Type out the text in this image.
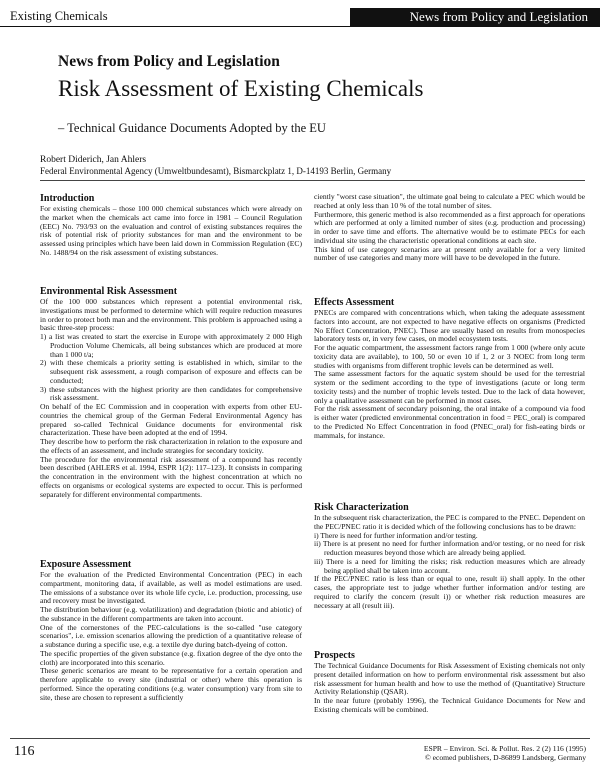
Existing Chemicals	News from Policy and Legislation
News from Policy and Legislation
Risk Assessment of Existing Chemicals
– Technical Guidance Documents Adopted by the EU
Robert Diderich, Jan Ahlers
Federal Environmental Agency (Umweltbundesamt), Bismarckplatz 1, D-14193 Berlin, Germany
Introduction

For existing chemicals – those 100 000 chemical substances which were already on the market when the chemicals act came into force in 1981 – Council Regulation (EEC) No. 793/93 on the evaluation and control of existing substances requires the risk of potential risk of priority substances for man and the environment to be assessed using principles which have been laid down in Commission Regulation (EC) No. 1488/94 on the risk assessment of existing substances.

Environmental Risk Assessment

Of the 100 000 substances which represent a potential environmental risk, investigations must be performed to determine which will require reduction measures in order to protect both man and the environment. This problem is approached using a basic three-step process:

1) a list was created to start the exercise in Europe with approximately 2 000 High Production Volume Chemicals, all being substances which are produced at more than 1 000 t/a;
2) with these chemicals a priority setting is established in which, similar to the subsequent risk assessment, a rough comparison of exposure and effects can be conducted;
3) these substances with the highest priority are then candidates for comprehensive risk assessment.

On behalf of the EC Commission and in cooperation with experts from other EU-countries the chemical group of the German Federal Environmental Agency has prepared so-called Technical Guidance documents for environmental risk characterization. These have been adopted at the end of 1994.

They describe how to perform the risk characterization in relation to the exposure and the effects of an assessment, and include strategies for secondary toxicity.

The procedure for the environmental risk assessment of a compound has recently been described (AHLERS et al. 1994, ESPR 1(2): 117–123). It consists in comparing the concentration in the environment with the highest concentration at which no effects on organisms or ecological systems are expected to occur. This is performed separately for different environmental compartments.

Exposure Assessment

For the evaluation of the Predicted Environmental Concentration (PEC) in each compartment, monitoring data, if available, as well as model estimations are used. The emissions of a substance over its whole life cycle, i.e. production, processing, use and recovery must be investigated.

The distribution behaviour (e.g. volatilization) and degradation (biotic and abiotic) of the substance in the different compartments are taken into account.

One of the cornerstones of the PEC-calculations is the so-called "use category scenarios", i.e. emission scenarios allowing the prediction of a quantitative release of a substance during a specific use, e.g. a textile dye during batch-dyeing of cotton.

The specific properties of the given substance (e.g. fixation degree of the dye onto the cloth) are incorporated into this scenario.

These generic scenarios are meant to be representative for a certain operation and therefore applicable to every site (industrial or other) where this operation is performed. Since the operating conditions (e.g. water consumption) vary from site to site, these are chosen to represent a sufficiently

ciently "worst case situation", the ultimate goal being to calculate a PEC which would be reached at only less than 10 % of the total number of sites.

Furthermore, this generic method is also recommended as a first approach for operations which are performed at only a limited number of sites (e.g. production and processing) in order to save time and efforts. The alternative would be to estimate PECs for each individual site using the characteristic operational conditions at each site.

This kind of use category scenarios are at present only available for a very limited number of use categories and many more will have to be developed in the future.

Effects Assessment

PNECs are compared with concentrations which, when taking the adequate assessment factors into account, are not expected to have negative effects on organisms (Predicted No Effect Concentration, PNEC). These are usually based on results from monospecies laboratory tests or, in very few cases, on model ecosystem tests.

For the aquatic compartment, the assessment factors range from 1 000 (where only acute toxicity data are available), to 100, 50 or even 10 if 1, 2 or 3 NOEC from long term studies with organisms from different trophic levels can be determined as well.

The same assessment factors for the aquatic system should be used for the terrestrial system or the sediment according to the type of investigations (acute or long term toxicity tests) and the number of trophic levels tested. Due to the lack of data however, only a qualitative assessment can be performed in most cases.

For the risk assessment of secondary poisoning, the oral intake of a compound via food is either water (predicted environmental concentration in food = PEC_oral) is compared to the Predicted No Effect Concentration in food (PNEC_oral) for fish-eating birds or mammals, for instance.

Risk Characterization

In the subsequent risk characterization, the PEC is compared to the PNEC. Dependent on the PEC/PNEC ratio it is decided which of the following conclusions has to be drawn:

i) There is need for further information and/or testing.
ii) There is at present no need for further information and/or testing, or no need for risk reduction measures beyond those which are already being applied.
iii) There is a need for limiting the risks; risk reduction measures which are already being applied shall be taken into account.

If the PEC/PNEC ratio is less than or equal to one, result ii) shall apply. In the other cases, the appropriate test to judge whether further information and/or testing are required to clarify the concern (result i)) or whether risk reduction measures are necessary at all (result iii).

Prospects

The Technical Guidance Documents for Risk Assessment of Existing chemicals not only present detailed information on how to perform environmental risk assessment but also risk assessment for human health and how to use the method of (Quantitative) Structure Activity Relationship (QSAR).

In the near future (probably 1996), the Technical Guidance Documents for New and Existing chemicals will be combined.

116	ESPR – Environ. Sci. & Pollut. Res. 2 (2) 116 (1995)
© ecomed publishers, D-86899 Landsberg, Germany
